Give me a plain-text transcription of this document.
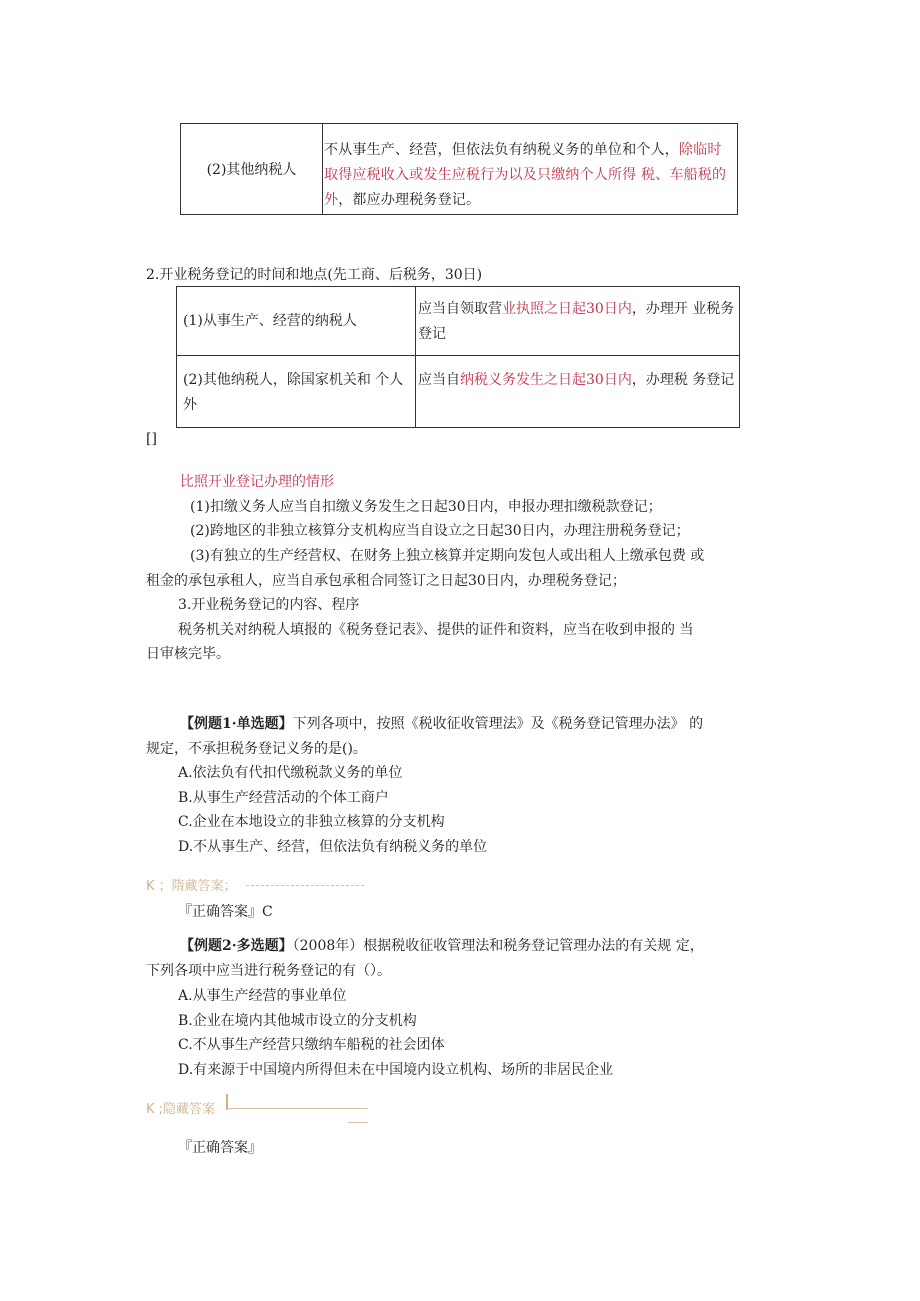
(2)其他纳税人
不从事生产、经营，但依法负有纳税义务的单位和个人，除临时取得应税收入或发生应税行为以及只缴纳个人所得 税、车船税的外，都应办理税务登记。
2.开业税务登记的时间和地点(先工商、后税务，30日)
(1)从事生产、经营的纳税人
应当自领取营业执照之日起30日内，办理开 业税务登记
(2)其他纳税人，除国家机关和 个人外
应当自纳税义务发生之日起30日内，办理税 务登记
[]
比照开业登记办理的情形
(1)扣缴义务人应当自扣缴义务发生之日起30日内，申报办理扣缴税款登记；
(2)跨地区的非独立核算分支机构应当自设立之日起30日内，办理注册税务登记；
(3)有独立的生产经营权、在财务上独立核算并定期向发包人或出租人上缴承包费 或
租金的承包承租人，应当自承包承租合同签订之日起30日内，办理税务登记；
3.开业税务登记的内容、程序
税务机关对纳税人填报的《税务登记表》、提供的证件和资料，应当在收到申报的 当
日审核完毕。
【例题1·单选题】下列各项中，按照《税收征收管理法》及《税务登记管理办法》 的
规定，不承担税务登记义务的是()。
A.依法负有代扣代缴税款义务的单位
B.从事生产经营活动的个体工商户
C.企业在本地设立的非独立核算的分支机构
D.不从事生产、经营，但依法负有纳税义务的单位
K ；隋藏答案；
『正确答案』C
【例题2·多选题】（2008年）根据税收征收管理法和税务登记管理办法的有关规 定，
下列各项中应当进行税务登记的有（）。
A.从事生产经营的事业单位
B.企业在境内其他城市设立的分支机构
C.不从事生产经营只缴纳车船税的社会团体
D.有来源于中国境内所得但未在中国境内设立机构、场所的非居民企业
K ;隐藏答案
『正确答案』
